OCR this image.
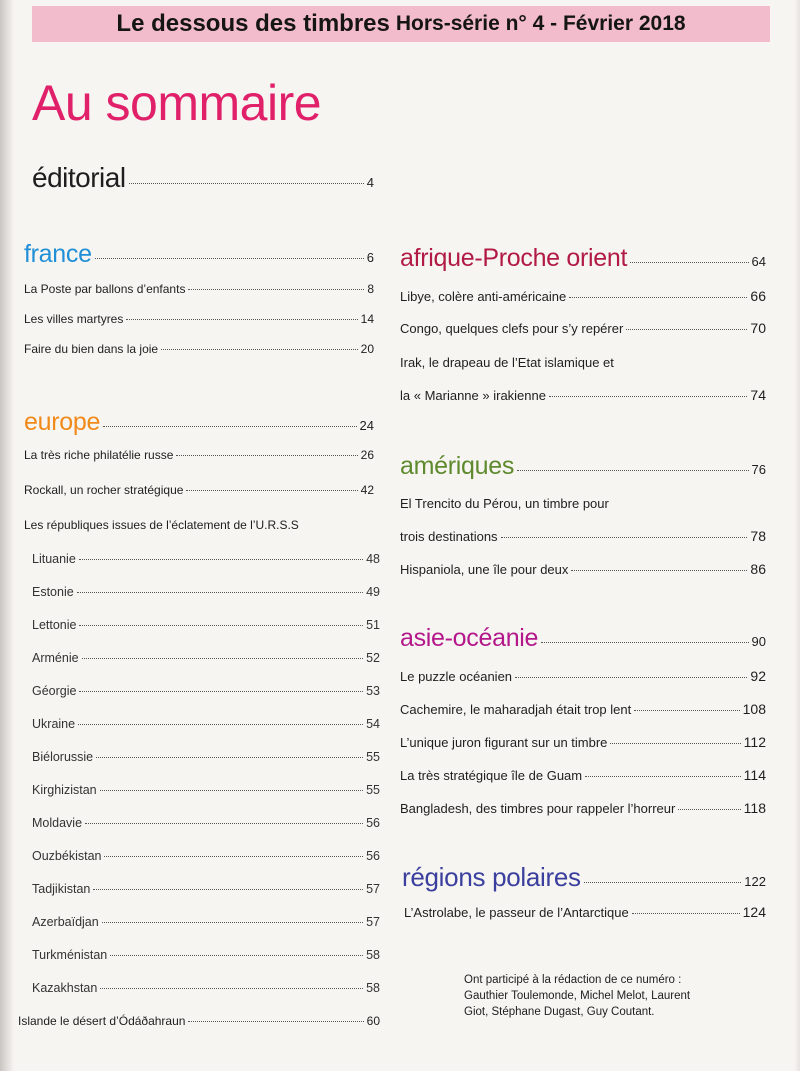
Le dessous des timbres Hors-série n° 4 - Février 2018
Au sommaire
éditorial	4
france	6
La Poste par ballons d’enfants	8
Les villes martyres	14
Faire du bien dans la joie	20
europe	24
La très riche philatélie russe	26
Rockall, un rocher stratégique	42
Les républiques issues de l’éclatement de l’U.R.S.S
Lituanie	48
Estonie	49
Lettonie	51
Arménie	52
Géorgie	53
Ukraine	54
Biélorussie	55
Kirghizistan	55
Moldavie	56
Ouzbékistan	56
Tadjikistan	57
Azerbaïdjan	57
Turkménistan	58
Kazakhstan	58
Islande le désert d’Ódáðahraun	60
afrique-Proche orient	64
Libye, colère anti-américaine	66
Congo, quelques clefs pour s’y repérer	70
Irak, le drapeau de l’Etat islamique et
la « Marianne » irakienne	74
amériques	76
El Trencito du Pérou, un timbre pour
trois destinations	78
Hispaniola, une île pour deux	86
asie-océanie	90
Le puzzle océanien	92
Cachemire, le maharadjah était trop lent	108
L’unique juron figurant sur un timbre	112
La très stratégique île de Guam	114
Bangladesh, des timbres pour rappeler l’horreur	118
régions polaires	122
L’Astrolabe, le passeur de l’Antarctique	124
Ont participé à la rédaction de ce numéro :
Gauthier Toulemonde, Michel Melot, Laurent
Giot, Stéphane Dugast, Guy Coutant.
